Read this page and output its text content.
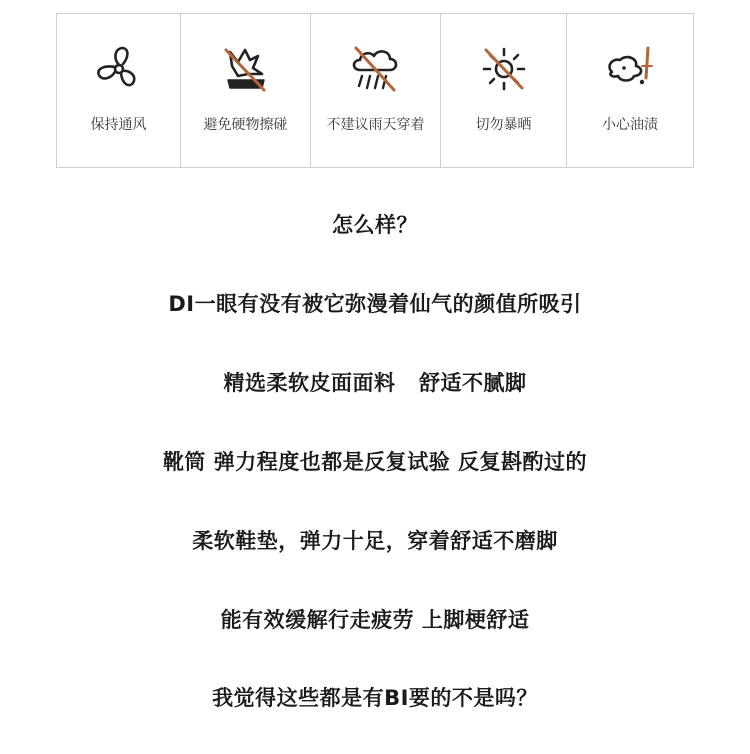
保持通风	避免硬物擦碰	不建议雨天穿着	切勿暴晒	小心油渍
怎么样？
DI一眼有没有被它弥漫着仙气的颜值所吸引
精选柔软皮面面料   舒适不腻脚
靴筒 弹力程度也都是反复试验 反复斟酌过的
柔软鞋垫，弹力十足，穿着舒适不磨脚
能有效缓解行走疲劳 上脚梗舒适
我觉得这些都是有BI要的不是吗？
